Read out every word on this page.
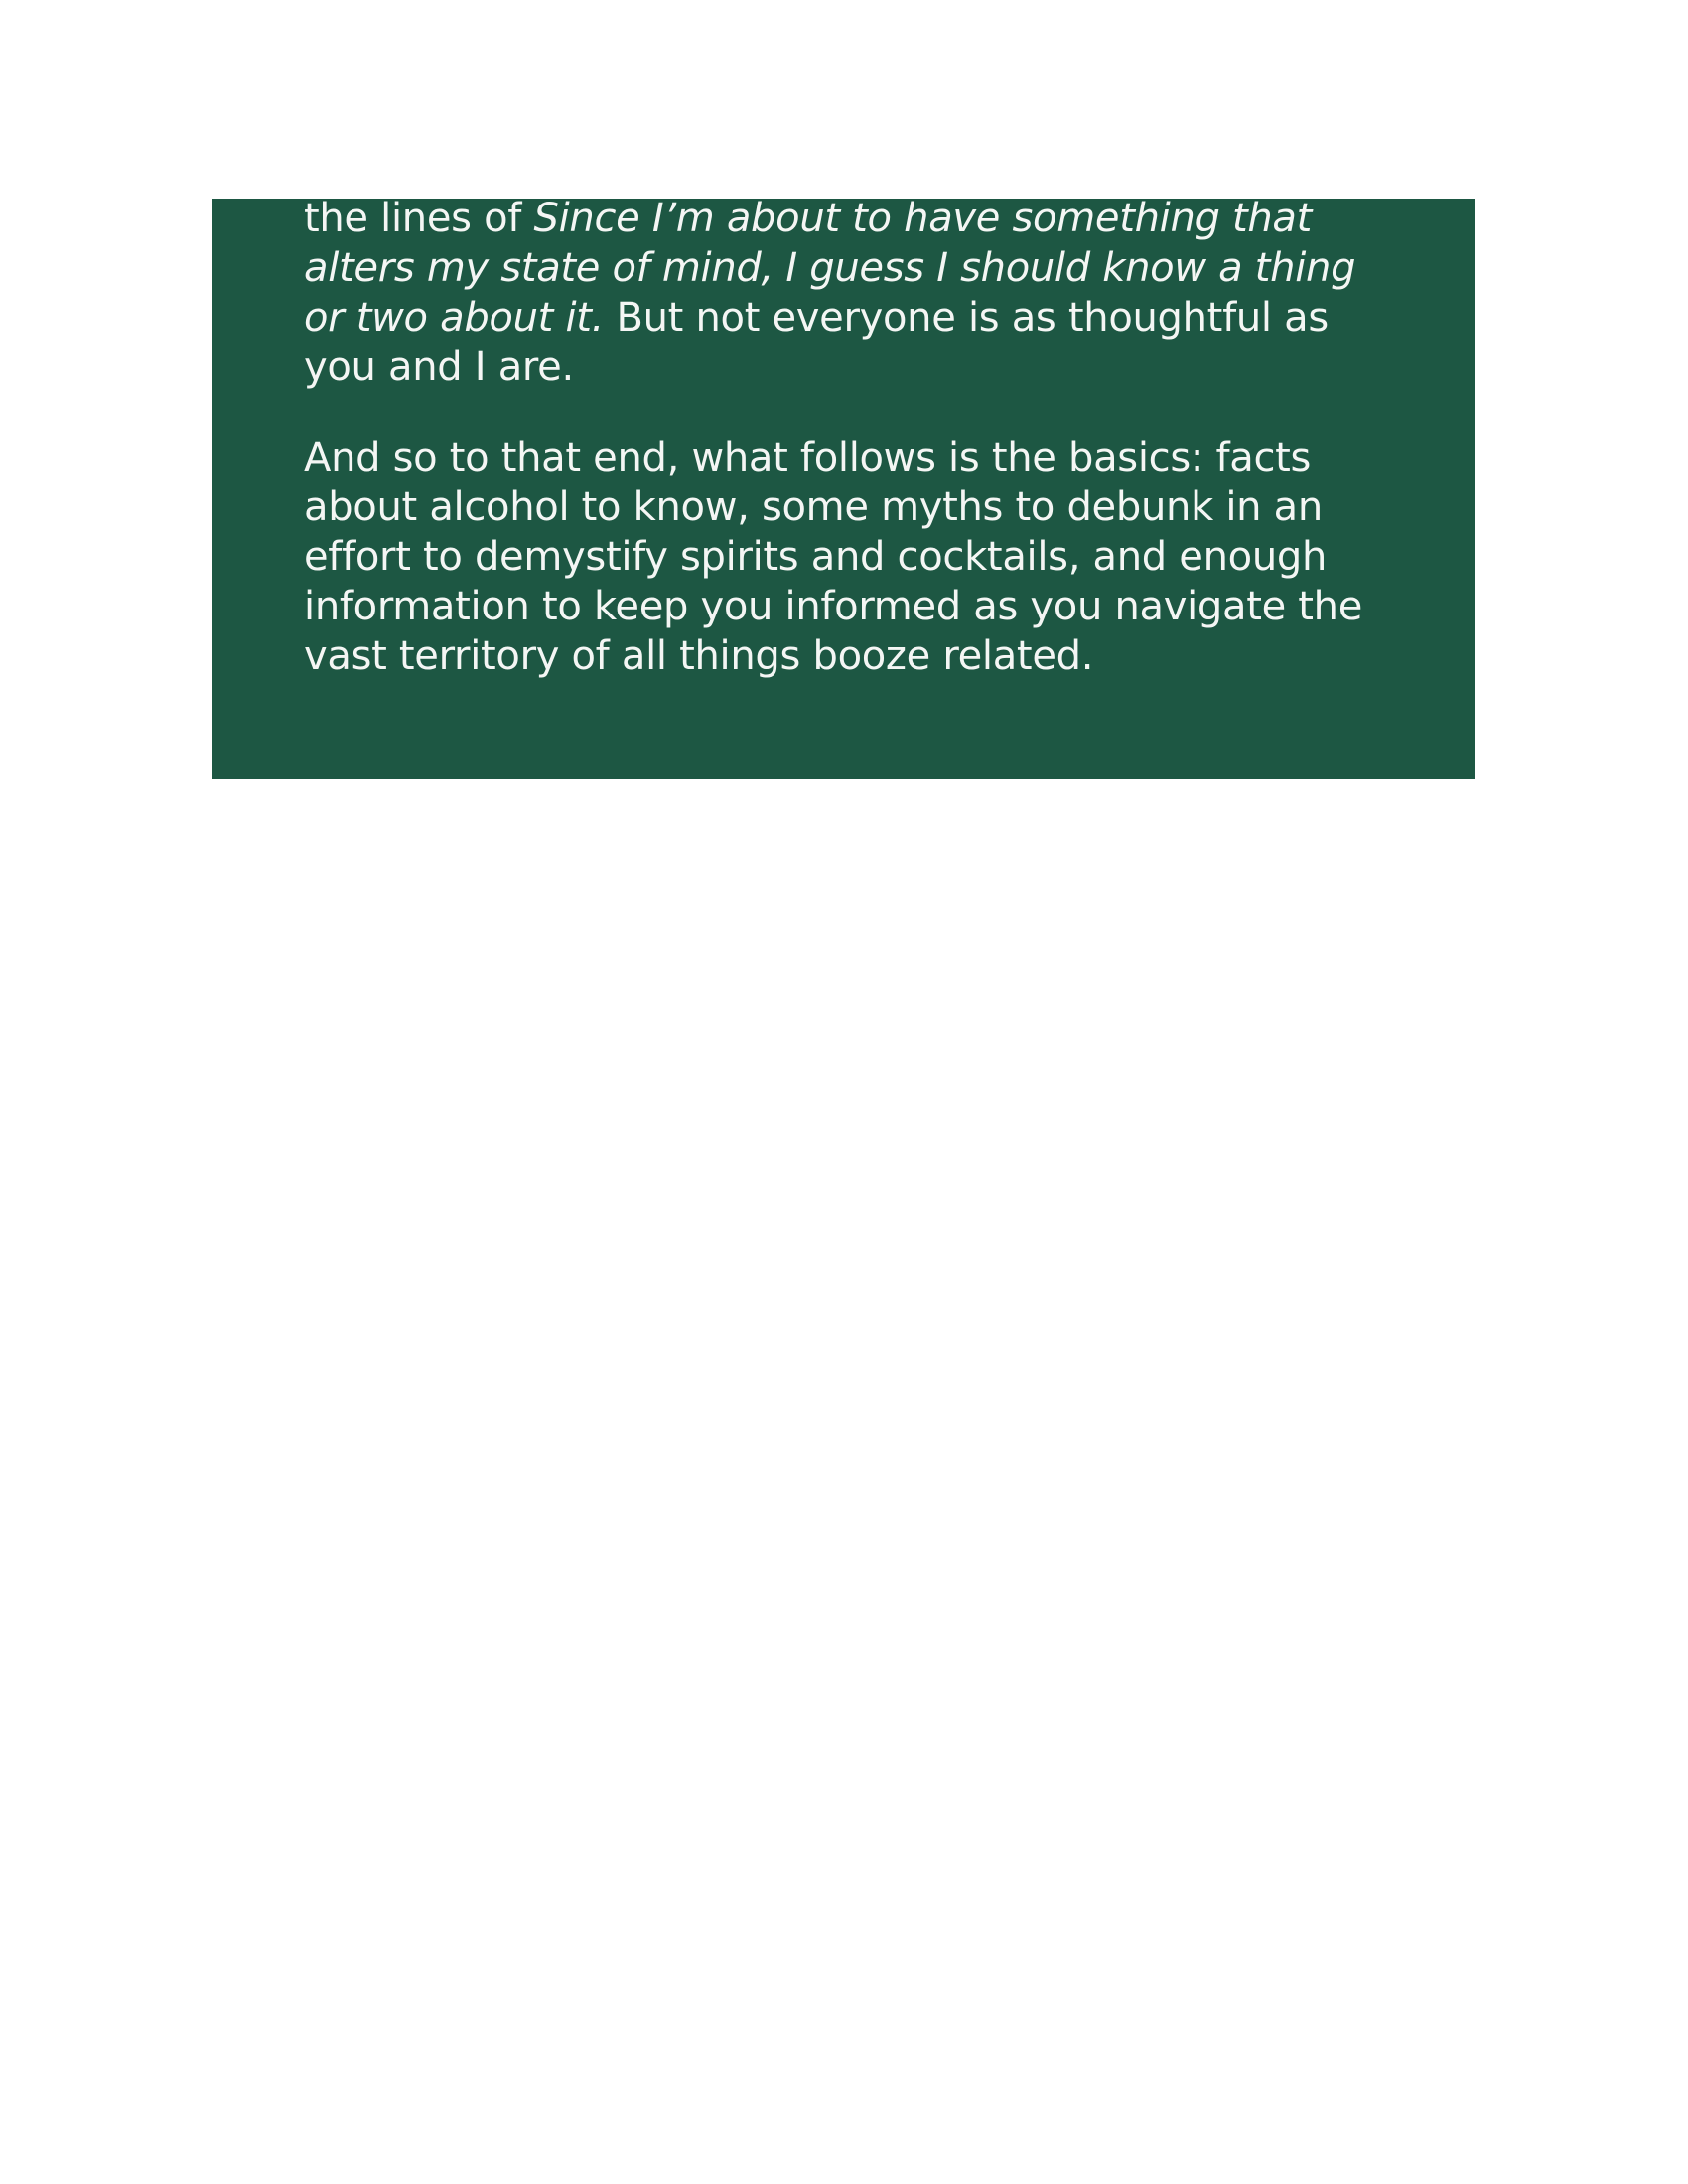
the lines of Since I’m about to have something that alters my state of mind, I guess I should know a thing or two about it. But not everyone is as thoughtful as you and I are.

And so to that end, what follows is the basics: facts about alcohol to know, some myths to debunk in an effort to demystify spirits and cocktails, and enough information to keep you informed as you navigate the vast territory of all things booze related.
